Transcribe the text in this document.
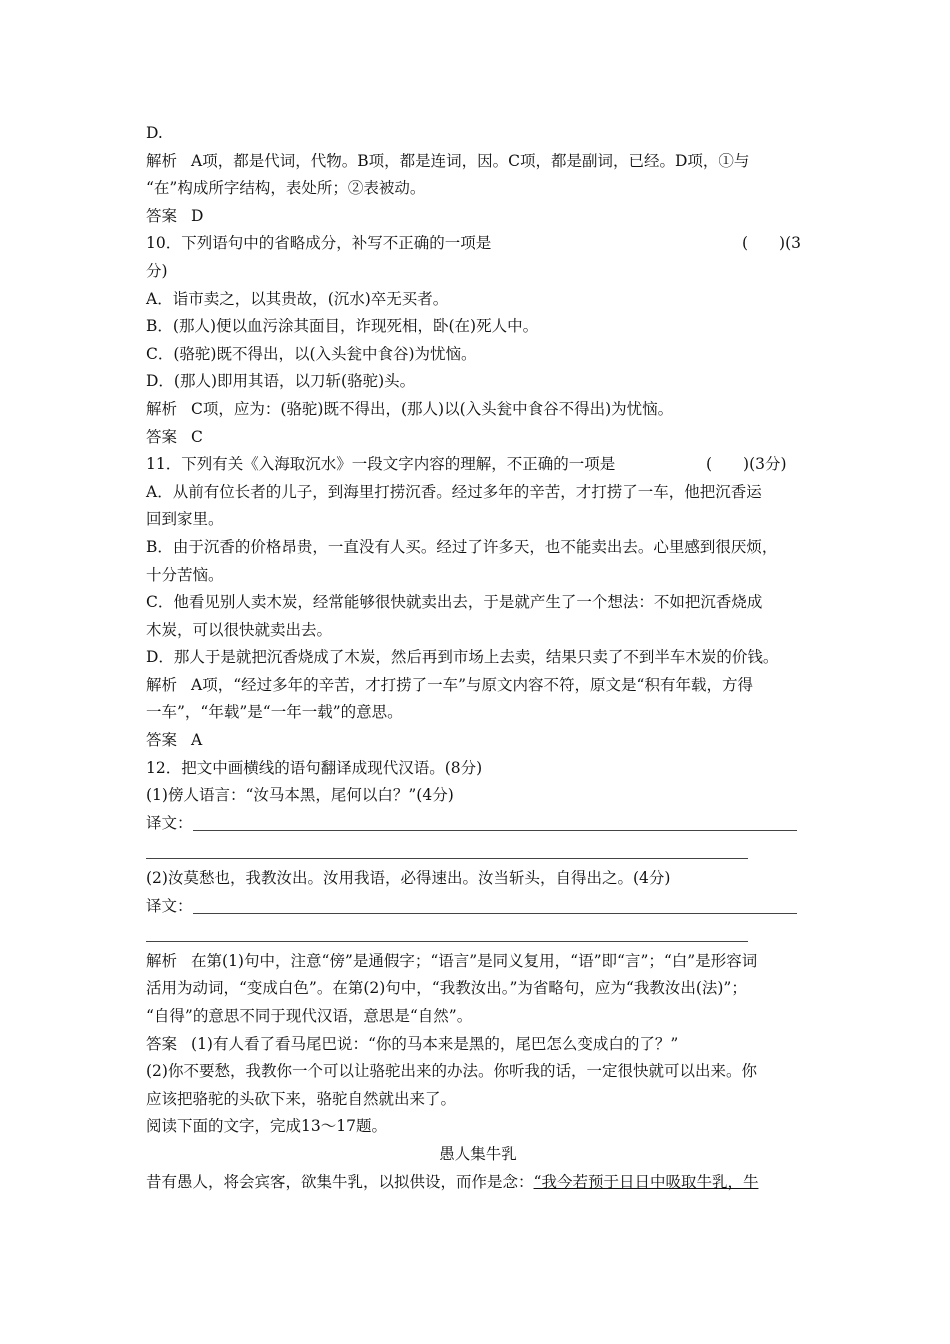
D.
解析 A项，都是代词，代物。B项，都是连词，因。C项，都是副词，已经。D项，①与
“在”构成所字结构，表处所；②表被动。
答案 D
10．下列语句中的省略成分，补写不正确的一项是	(　　)(3
分)
A．诣市卖之，以其贵故，(沉水)卒无买者。
B．(那人)便以血污涂其面目，诈现死相，卧(在)死人中。
C．(骆驼)既不得出，以(入头瓮中食谷)为忧恼。
D．(那人)即用其语，以刀斩(骆驼)头。
解析 C项，应为：(骆驼)既不得出，(那人)以(入头瓮中食谷不得出)为忧恼。
答案 C
11．下列有关《入海取沉水》一段文字内容的理解，不正确的一项是	(　　)(3分)
A．从前有位长者的儿子，到海里打捞沉香。经过多年的辛苦，才打捞了一车，他把沉香运
回到家里。
B．由于沉香的价格昂贵，一直没有人买。经过了许多天，也不能卖出去。心里感到很厌烦，
十分苦恼。
C．他看见别人卖木炭，经常能够很快就卖出去，于是就产生了一个想法：不如把沉香烧成
木炭，可以很快就卖出去。
D．那人于是就把沉香烧成了木炭，然后再到市场上去卖，结果只卖了不到半车木炭的价钱。
解析 A项，“经过多年的辛苦，才打捞了一车”与原文内容不符，原文是“积有年载，方得
一车”，“年载”是“一年一载”的意思。
答案 A
12．把文中画横线的语句翻译成现代汉语。(8分)
(1)傍人语言：“汝马本黑，尾何以白？”(4分)
译文：
(2)汝莫愁也，我教汝出。汝用我语，必得速出。汝当斩头，自得出之。(4分)
译文：
解析 在第(1)句中，注意“傍”是通假字；“语言”是同义复用，“语”即“言”；“白”是形容词
活用为动词，“变成白色”。在第(2)句中，“我教汝出。”为省略句，应为“我教汝出(法)”；
“自得”的意思不同于现代汉语，意思是“自然”。
答案 (1)有人看了看马尾巴说：“你的马本来是黑的，尾巴怎么变成白的了？”
(2)你不要愁，我教你一个可以让骆驼出来的办法。你听我的话，一定很快就可以出来。你
应该把骆驼的头砍下来，骆驼自然就出来了。
阅读下面的文字，完成13～17题。
愚人集牛乳
昔有愚人，将会宾客，欲集牛乳，以拟供设，而作是念：“我今若预于日日中吸取牛乳，牛
